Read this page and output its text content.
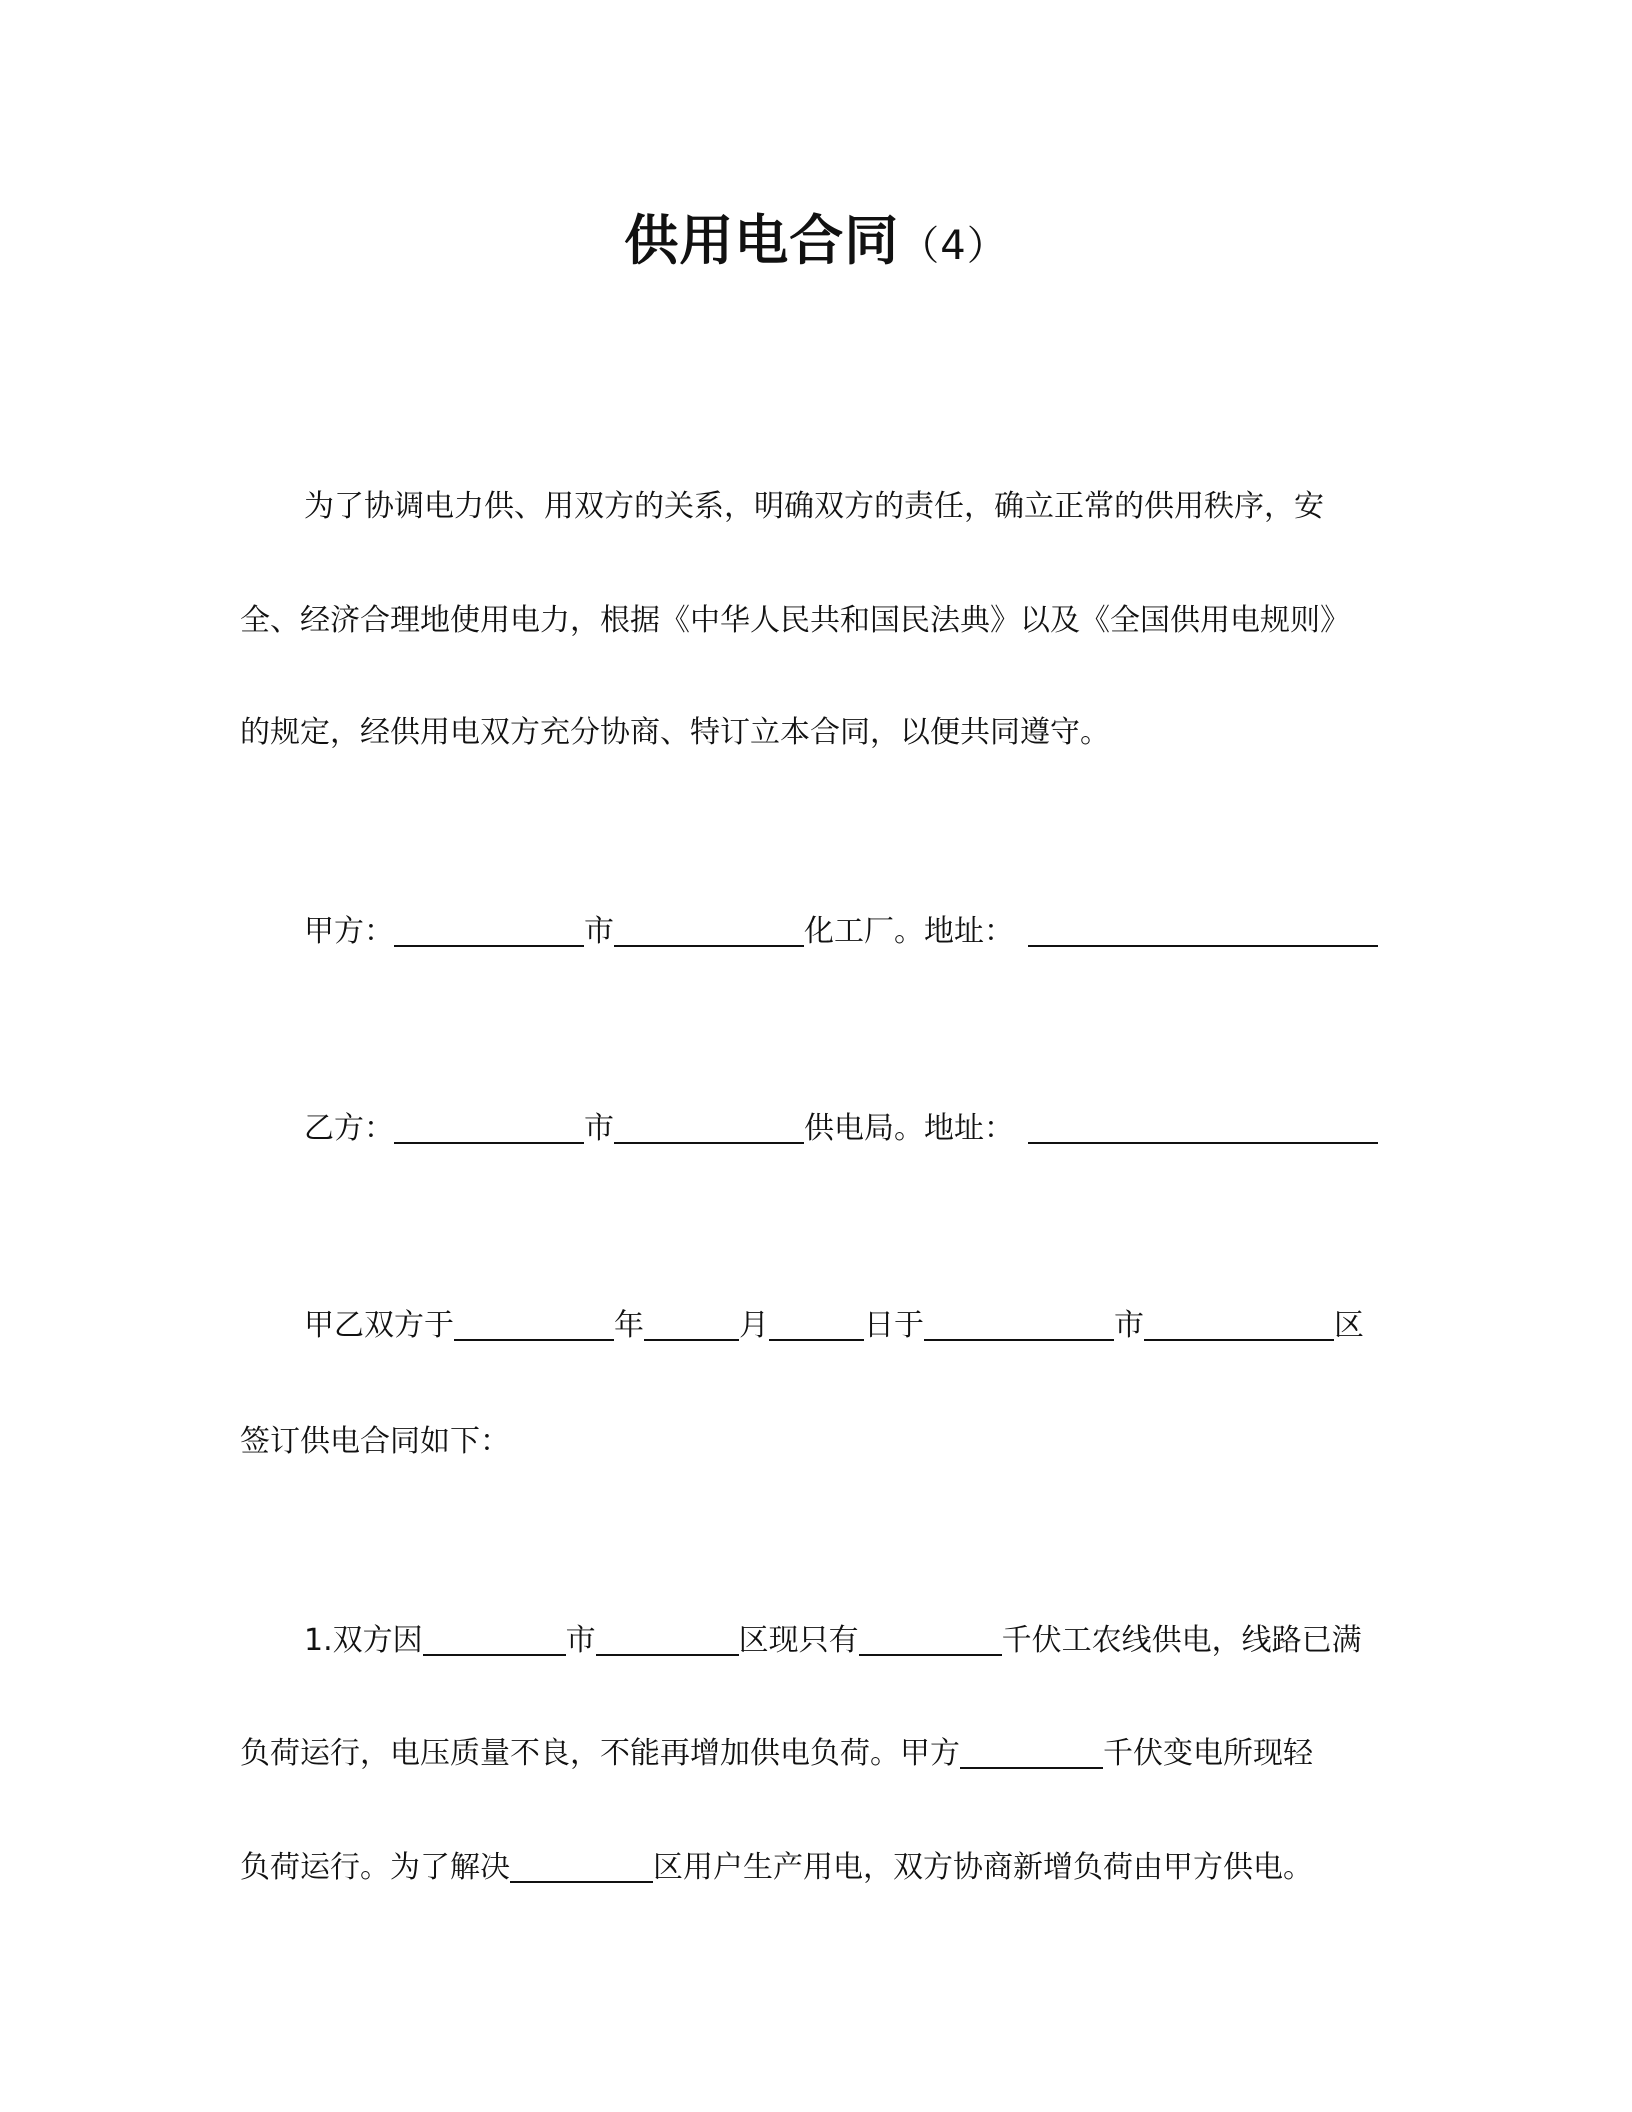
供用电合同（4）
为了协调电力供、用双方的关系，明确双方的责任，确立正常的供用秩序，安
全、经济合理地使用电力，根据《中华人民共和国民法典》以及《全国供用电规则》
的规定，经供用电双方充分协商、特订立本合同，以便共同遵守。
甲方：	市	化工厂。地址：
乙方：	市	供电局。地址：
甲乙双方于	年	月	日于	市	区
签订供电合同如下：
1.双方因	市	区现只有	千伏工农线供电，线路已满
负荷运行，电压质量不良，不能再增加供电负荷。甲方	千伏变电所现轻
负荷运行。为了解决	区用户生产用电，双方协商新增负荷由甲方供电。
